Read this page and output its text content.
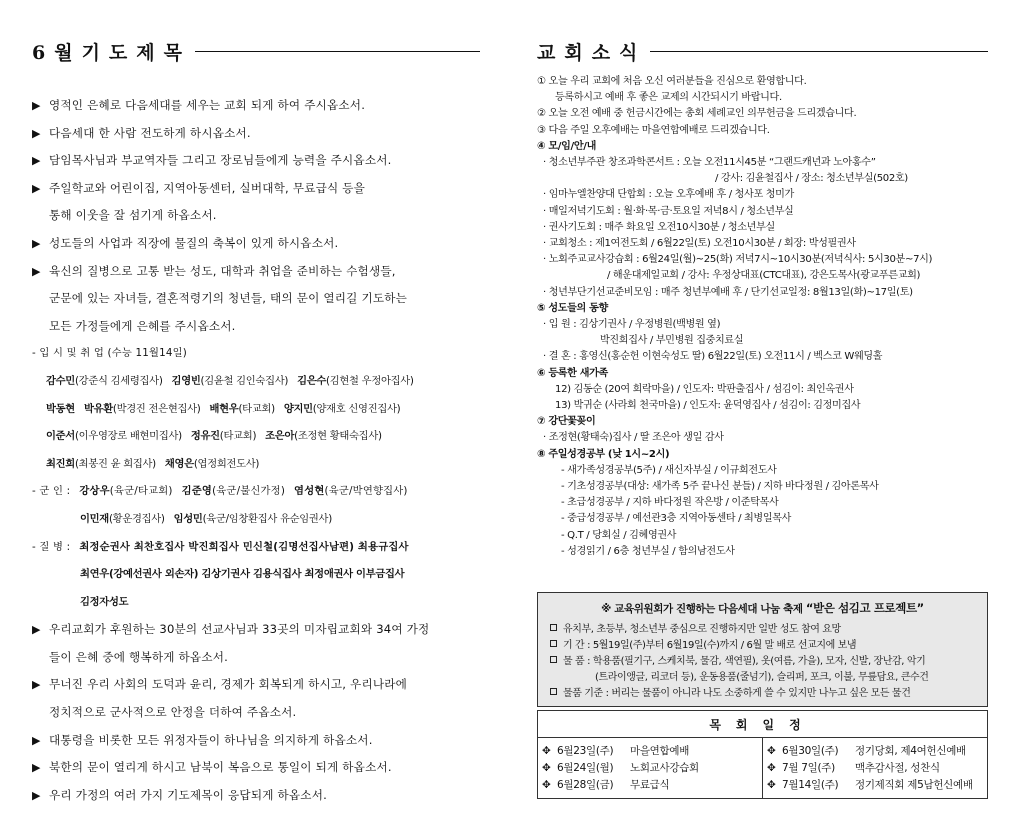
6월기도제목
▶ 영적인 은혜로 다음세대를 세우는 교회 되게 하여 주시옵소서.
▶ 다음세대 한 사람 전도하게 하시옵소서.
▶ 담임목사님과 부교역자들 그리고 장로님들에게 능력을 주시옵소서.
▶ 주일학교와 어린이집, 지역아동센터, 실버대학, 무료급식 등을
통해 이웃을 잘 섬기게 하옵소서.
▶ 성도들의 사업과 직장에 물질의 축복이 있게 하시옵소서.
▶ 육신의 질병으로 고통 받는 성도, 대학과 취업을 준비하는 수험생들,
군문에 있는 자녀들, 결혼적령기의 청년들, 태의 문이 열리길 기도하는
모든 가정들에게 은혜를 주시옵소서.
- 입 시 및 취 업 (수능 11월14일)
감수민(강준식 김세령집사) 김영빈(김윤철 김인숙집사) 김은수(김현철 우정아집사)
박동현 박유환(박경진 전은현집사) 배현우(타교회) 양지민(양재호 신영진집사)
이준서(이우영장로 배현미집사) 정유진(타교회) 조은아(조정현 황태숙집사)
최진희(최봉진 윤 희집사) 채영은(엽정희전도사)
- 군 인 : 강상우(육군/타교회) 김준영(육군/불신가정) 염성현(육군/박연향집사)
이민재(황운경집사) 임성민(육군/임창환집사 유순임권사)
- 질 병 : 최정순권사 최찬호집사 박진희집사 민신철(김명선집사남편) 최용규집사
최연우(강예선권사 외손자) 김상기권사 김용식집사 최정애권사 이부금집사
김정자성도
▶ 우리교회가 후원하는 30분의 선교사님과 33곳의 미자립교회와 34여 가정
들이 은혜 중에 행복하게 하옵소서.
▶ 무너진 우리 사회의 도덕과 윤리, 경제가 회복되게 하시고, 우리나라에
정치적으로 군사적으로 안정을 더하여 주옵소서.
▶ 대통령을 비롯한 모든 위정자들이 하나님을 의지하게 하옵소서.
▶ 북한의 문이 열리게 하시고 남북이 복음으로 통일이 되게 하옵소서.
▶ 우리 가정의 여러 가지 기도제목이 응답되게 하옵소서.
교회소식
① 오늘 우리 교회에 처음 오신 여러분들을 진심으로 환영합니다.
등록하시고 예배 후 좋은 교제의 시간되시기 바랍니다.
② 오늘 오전 예배 중 헌금시간에는 총회 세례교인 의무헌금을 드리겠습니다.
③ 다음 주일 오후예배는 마을연합예배로 드리겠습니다.
④ 모/임/안/내
· 청소년부주관 창조과학콘서트 : 오늘 오전11시45분 “그랜드캐년과 노아홍수”
/ 강사: 김윤철집사 / 장소: 청소년부실(502호)
· 임마누엘찬양대 단합회 : 오늘 오후예배 후 / 청사포 청미가
· 매일저녁기도회 : 월·화·목·금·토요일 저녁8시 / 청소년부실
· 권사기도회 : 매주 화요일 오전10시30분 / 청소년부실
· 교회청소 : 제1여전도회 / 6월22일(토) 오전10시30분 / 회장: 박성필권사
· 노회주교교사강습회 : 6월24일(월)~25(화) 저녁7시~10시30분(저녁식사: 5시30분~7시)
/ 해운대제일교회 / 강사: 우정상대표(CTC대표), 강은도목사(광교푸른교회)
· 청년부단기선교준비모임 : 매주 청년부예배 후 / 단기선교일정: 8월13일(화)~17일(토)
⑤ 성도들의 동향
· 입 원 : 김상기권사 / 우정병원(백병원 옆)
박진희집사 / 부민병원 집중치료실
· 결 혼 : 홍영신(홍순헌 이현숙성도 딸) 6월22일(토) 오전11시 / 벡스코 W웨딩홀
⑥ 등록한 새가족
12) 김동순 (20여 희락마을) / 인도자: 박판출집사 / 섬김이: 최인옥권사
13) 박귀순 (사라회 천국마을) / 인도자: 윤덕영집사 / 섬김이: 김정미집사
⑦ 강단꽃꽂이
· 조정현(황태숙)집사 / 딸 조은아 생일 감사
⑧ 주일성경공부 (낮 1시~2시)
- 새가족성경공부(5주) / 새신자부실 / 이규희전도사
- 기초성경공부(대상: 새가족 5주 끝나신 분들) / 지하 바다정원 / 김아론목사
- 초급성경공부 / 지하 바다정원 작은방 / 이준탁목사
- 중급성경공부 / 예선관3층 지역아동센타 / 최병일목사
- Q.T / 당회실 / 김혜영권사
- 성경읽기 / 6층 청년부실 / 함의남전도사
※ 교육위원회가 진행하는 다음세대 나눔 축제 “받은 섬김고 프로젝트”
유치부, 초등부, 청소년부 중심으로 진행하지만 일반 성도 참여 요망
기 간 : 5월19일(주)부터 6월19일(수)까지 / 6월 말 배로 선교지에 보냄
물 품 : 학용품(필기구, 스케치북, 물감, 색연필), 옷(여름, 가을), 모자, 신발, 장난감, 악기
(트라이앵글, 리코더 등), 운동용품(줄넘기), 슬리퍼, 포크, 이불, 무릎담요, 큰수건
물품 기준 : 버리는 물품이 아니라 나도 소중하게 쓸 수 있지만 나누고 싶은 모든 물건
목회일정
✥ 6월23일(주) 마을연합예배
✥ 6월24일(월) 노회교사강습회
✥ 6월28일(금) 무료급식
✥ 6월30일(주) 정기당회, 제4여헌신예배
✥ 7월 7일(주) 맥추감사절, 성찬식
✥ 7월14일(주) 정기제직회 제5남헌신예배
